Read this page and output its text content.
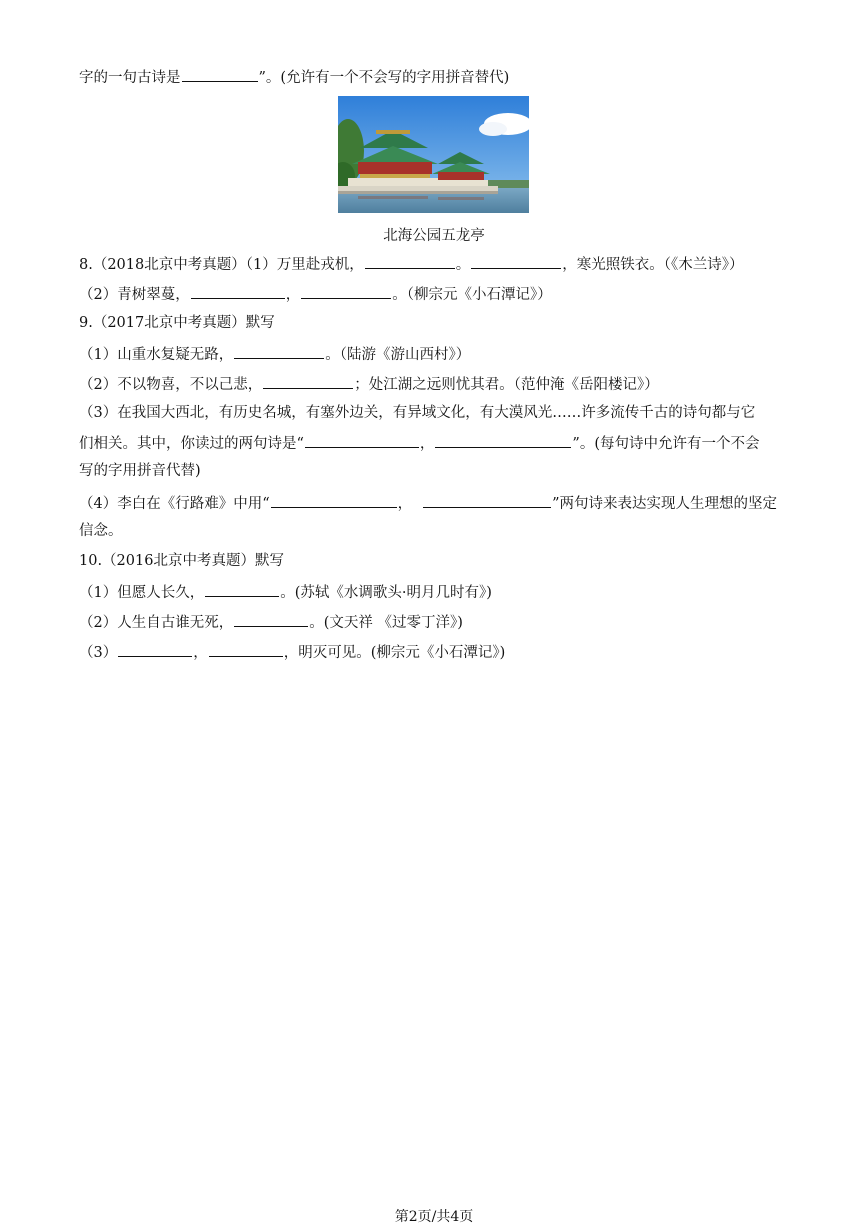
字的一句古诗是	”。(允许有一个不会写的字用拼音替代)
北海公园五龙亭
8.（2018北京中考真题）（1）万里赴戎机，	。	，寒光照铁衣。（《木兰诗》）
（2）青树翠蔓，	，	。（柳宗元《小石潭记》）
9.（2017北京中考真题）默写
（1）山重水复疑无路，	。（陆游《游山西村》）
（2）不以物喜，不以己悲，	；处江湖之远则忧其君。（范仲淹《岳阳楼记》）
（3）在我国大西北，有历史名城，有塞外边关，有异域文化，有大漠风光……许多流传千古的诗句都与它
们相关。其中，你读过的两句诗是“	，	”。(每句诗中允许有一个不会
写的字用拼音代替)
（4）李白在《行路难》中用“	，	”两句诗来表达实现人生理想的坚定
信念。
10.（2016北京中考真题）默写
（1）但愿人长久，	。(苏轼《水调歌头·明月几时有》)
（2）人生自古谁无死，	。(文天祥 《过零丁洋》)
（3）	，	，明灭可见。(柳宗元《小石潭记》)
第2页/共4页
